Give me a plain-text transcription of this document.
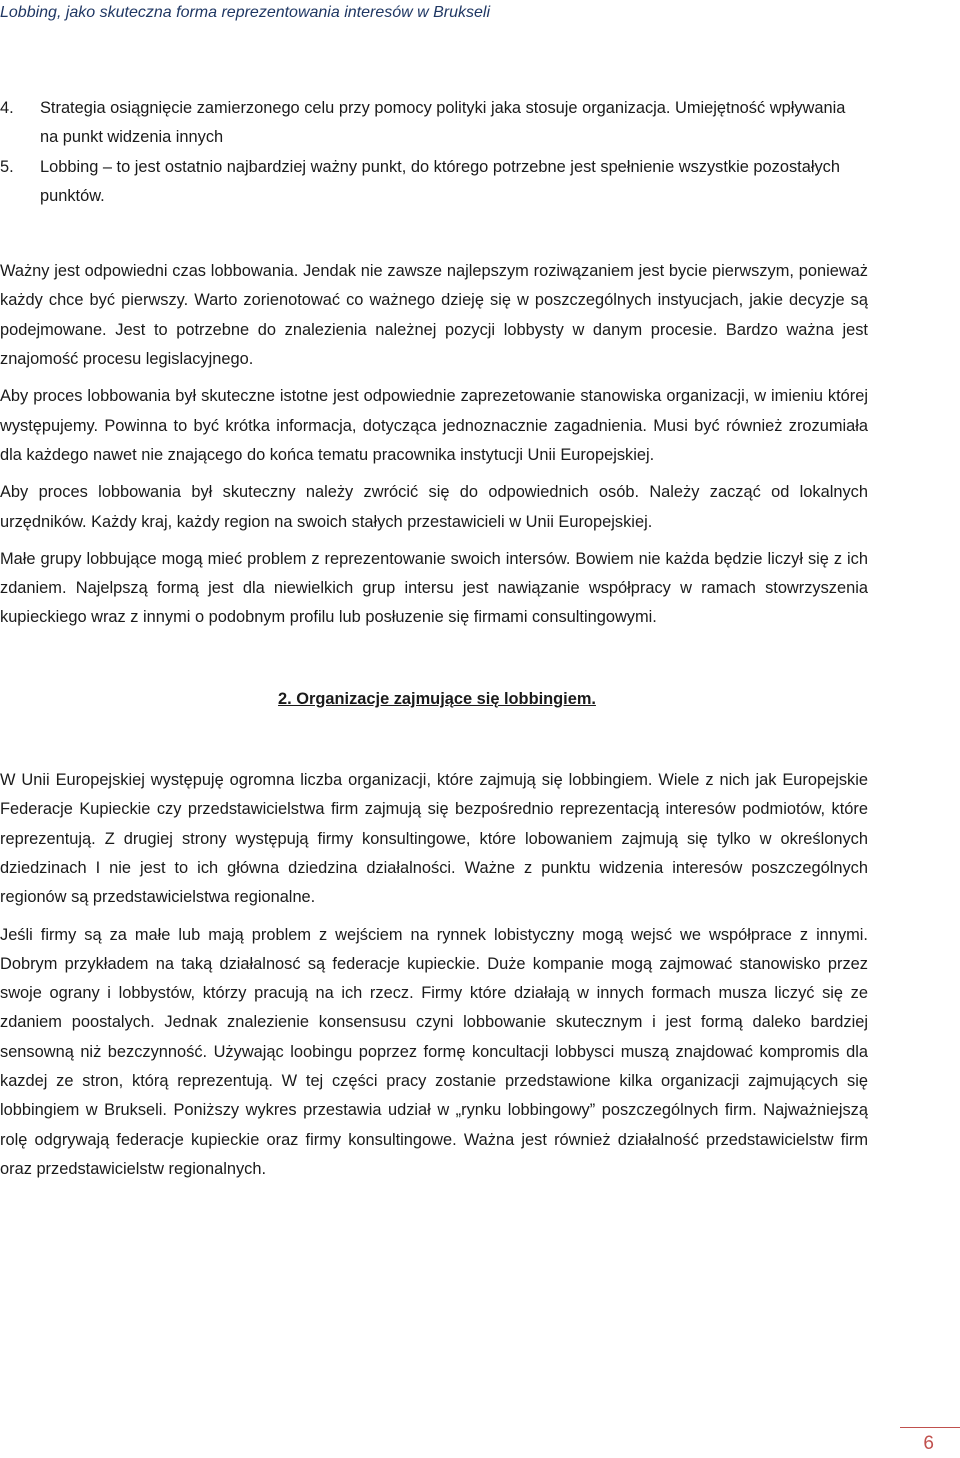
Lobbing, jako skuteczna forma reprezentowania interesów w Brukseli
4.	Strategia osiągnięcie zamierzonego celu przy pomocy polityki jaka stosuje organizacja. Umiejętność wpływania na punkt widzenia innych
5.	Lobbing – to jest ostatnio najbardziej ważny punkt, do którego potrzebne jest spełnienie wszystkie pozostałych punktów.

Ważny jest odpowiedni czas lobbowania. Jendak nie zawsze najlepszym roziwązaniem jest bycie pierwszym, ponieważ każdy chce być pierwszy. Warto zorienotować co ważnego dzieję się w poszczególnych instyucjach, jakie decyzje są podejmowane. Jest to potrzebne do znalezienia należnej pozycji lobbysty w danym procesie. Bardzo ważna jest znajomość procesu legislacyjnego.

Aby proces lobbowania był skuteczne istotne jest odpowiednie zaprezetowanie stanowiska organizacji, w imieniu której występujemy. Powinna to być krótka informacja, dotycząca jednoznacznie zagadnienia. Musi być również zrozumiała dla każdego nawet nie znającego do końca tematu pracownika instytucji Unii Europejskiej.

Aby proces lobbowania był skuteczny należy zwrócić się do odpowiednich osób. Należy zacząć od lokalnych urzędników. Każdy kraj, każdy region na swoich stałych przestawicieli w Unii Europejskiej.

Małe grupy lobbujące mogą mieć problem z reprezentowanie swoich intersów. Bowiem nie każda będzie liczył się z ich zdaniem. Najelpszą formą jest dla niewielkich grup intersu jest nawiązanie współpracy w ramach stowrzyszenia kupieckiego wraz z innymi o podobnym profilu lub posłuzenie się firmami consultingowymi.

2. Organizacje zajmujące się lobbingiem.

W Unii Europejskiej występuję ogromna liczba organizacji, które zajmują się lobbingiem. Wiele z nich jak Europejskie Federacje Kupieckie czy przedstawicielstwa firm zajmują się bezpośrednio reprezentacją interesów podmiotów, które reprezentują. Z drugiej strony występują firmy konsultingowe, które lobowaniem zajmują się tylko w określonych dziedzinach I nie jest to ich główna dziedzina działalności. Ważne z punktu widzenia interesów poszczególnych regionów są przedstawicielstwa regionalne.

Jeśli firmy są za małe lub mają problem z wejściem na rynnek lobistyczny mogą wejsć we współprace z innymi. Dobrym przykładem na taką działalnosć są federacje kupieckie. Duże kompanie mogą zajmować stanowisko przez swoje ograny i lobbystów, którzy pracują na ich rzecz. Firmy które działają w innych formach musza liczyć się ze zdaniem poostalych. Jednak znalezienie konsensusu czyni lobbowanie skutecznym i jest formą daleko bardziej sensowną niż bezczynność. Używając loobingu poprzez formę koncultacji lobbysci muszą znajdować kompromis dla kazdej ze stron, którą reprezentują. W tej części pracy zostanie przedstawione kilka organizacji zajmujących się lobbingiem w Brukseli. Poniższy wykres przestawia udział w „rynku lobbingowy” poszczególnych firm. Najważniejszą rolę odgrywają federacje kupieckie oraz firmy konsultingowe. Ważna jest również działalność przedstawicielstw firm oraz przedstawicielstw regionalnych.

6
